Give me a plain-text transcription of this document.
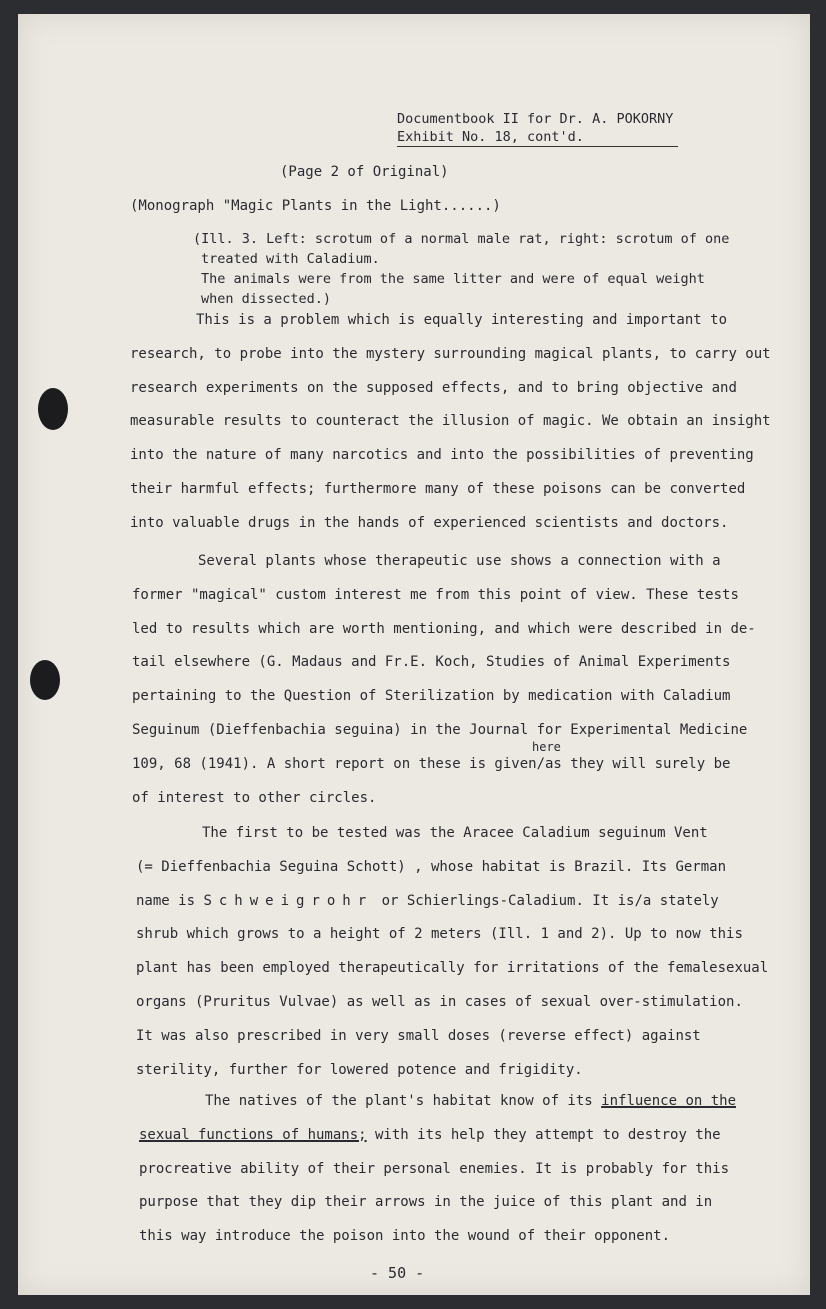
Documentbook II for Dr. A. POKORNY
Exhibit No. 18, cont'd.
(Page 2 of Original)
(Monograph "Magic Plants in the Light......)
(Ill. 3. Left: scrotum of a normal male rat, right: scrotum of one
treated with Caladium.
The animals were from the same litter and were of equal weight
when dissected.)

This is a problem which is equally interesting and important to

research, to probe into the mystery surrounding magical plants, to carry out

research experiments on the supposed effects, and to bring objective and

measurable results to counteract the illusion of magic. We obtain an insight

into the nature of many narcotics and into the possibilities of preventing

their harmful effects; furthermore many of these poisons can be converted

into valuable drugs in the hands of experienced scientists and doctors.

Several plants whose therapeutic use shows a connection with a

former "magical" custom interest me from this point of view. These tests

led to results which are worth mentioning, and which were described in de-

tail elsewhere (G. Madaus and Fr.E. Koch, Studies of Animal Experiments

pertaining to the Question of Sterilization by medication with Caladium

Seguinum (Dieffenbachia seguina) in the Journal for Experimental Medicine

109, 68 (1941). A short report on these is given/as they will surely be

of interest to other circles.

here

The first to be tested was the Aracee Caladium seguinum Vent

(= Dieffenbachia Seguina Schott) , whose habitat is Brazil. Its German

name is Schweigrohr or Schierlings-Caladium. It is/a stately

shrub which grows to a height of 2 meters (Ill. 1 and 2). Up to now this

plant has been employed therapeutically for irritations of the femalesexual

organs (Pruritus Vulvae) as well as in cases of sexual over-stimulation.

It was also prescribed in very small doses (reverse effect) against

sterility, further for lowered potence and frigidity.

The natives of the plant's habitat know of its influence on the

sexual functions of humans; with its help they attempt to destroy the

procreative ability of their personal enemies. It is probably for this

purpose that they dip their arrows in the juice of this plant and in

this way introduce the poison into the wound of their opponent.

- 50 -
